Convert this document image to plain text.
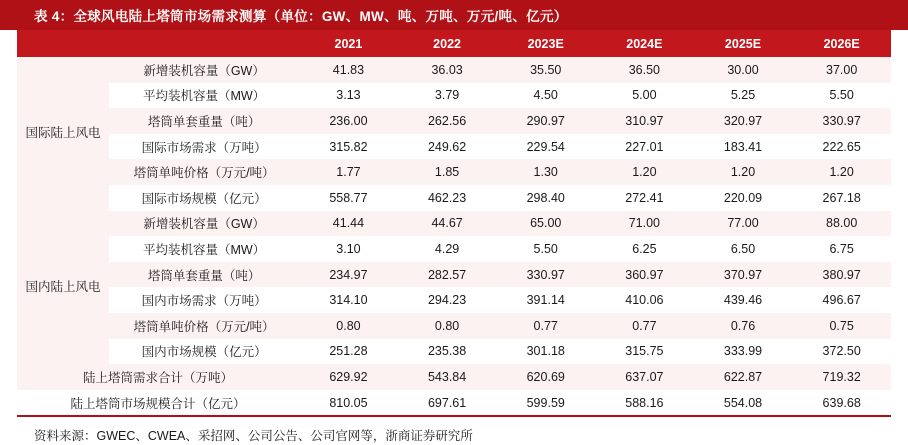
表 4：全球风电陆上塔筒市场需求测算（单位：GW、MW、吨、万吨、万元/吨、亿元）
		2021	2022	2023E	2024E	2025E	2026E
国际陆上风电	新增装机容量（GW）	41.83	36.03	35.50	36.50	30.00	37.00
	平均装机容量（MW）	3.13	3.79	4.50	5.00	5.25	5.50
	塔筒单套重量（吨）	236.00	262.56	290.97	310.97	320.97	330.97
	国际市场需求（万吨）	315.82	249.62	229.54	227.01	183.41	222.65
	塔筒单吨价格（万元/吨）	1.77	1.85	1.30	1.20	1.20	1.20
	国际市场规模（亿元）	558.77	462.23	298.40	272.41	220.09	267.18
国内陆上风电	新增装机容量（GW）	41.44	44.67	65.00	71.00	77.00	88.00
	平均装机容量（MW）	3.10	4.29	5.50	6.25	6.50	6.75
	塔筒单套重量（吨）	234.97	282.57	330.97	360.97	370.97	380.97
	国内市场需求（万吨）	314.10	294.23	391.14	410.06	439.46	496.67
	塔筒单吨价格（万元/吨）	0.80	0.80	0.77	0.77	0.76	0.75
	国内市场规模（亿元）	251.28	235.38	301.18	315.75	333.99	372.50
陆上塔筒需求合计（万吨）		629.92	543.84	620.69	637.07	622.87	719.32
陆上塔筒市场规模合计（亿元）		810.05	697.61	599.59	588.16	554.08	639.68
资料来源：GWEC、CWEA、采招网、公司公告、公司官网等，浙商证券研究所
